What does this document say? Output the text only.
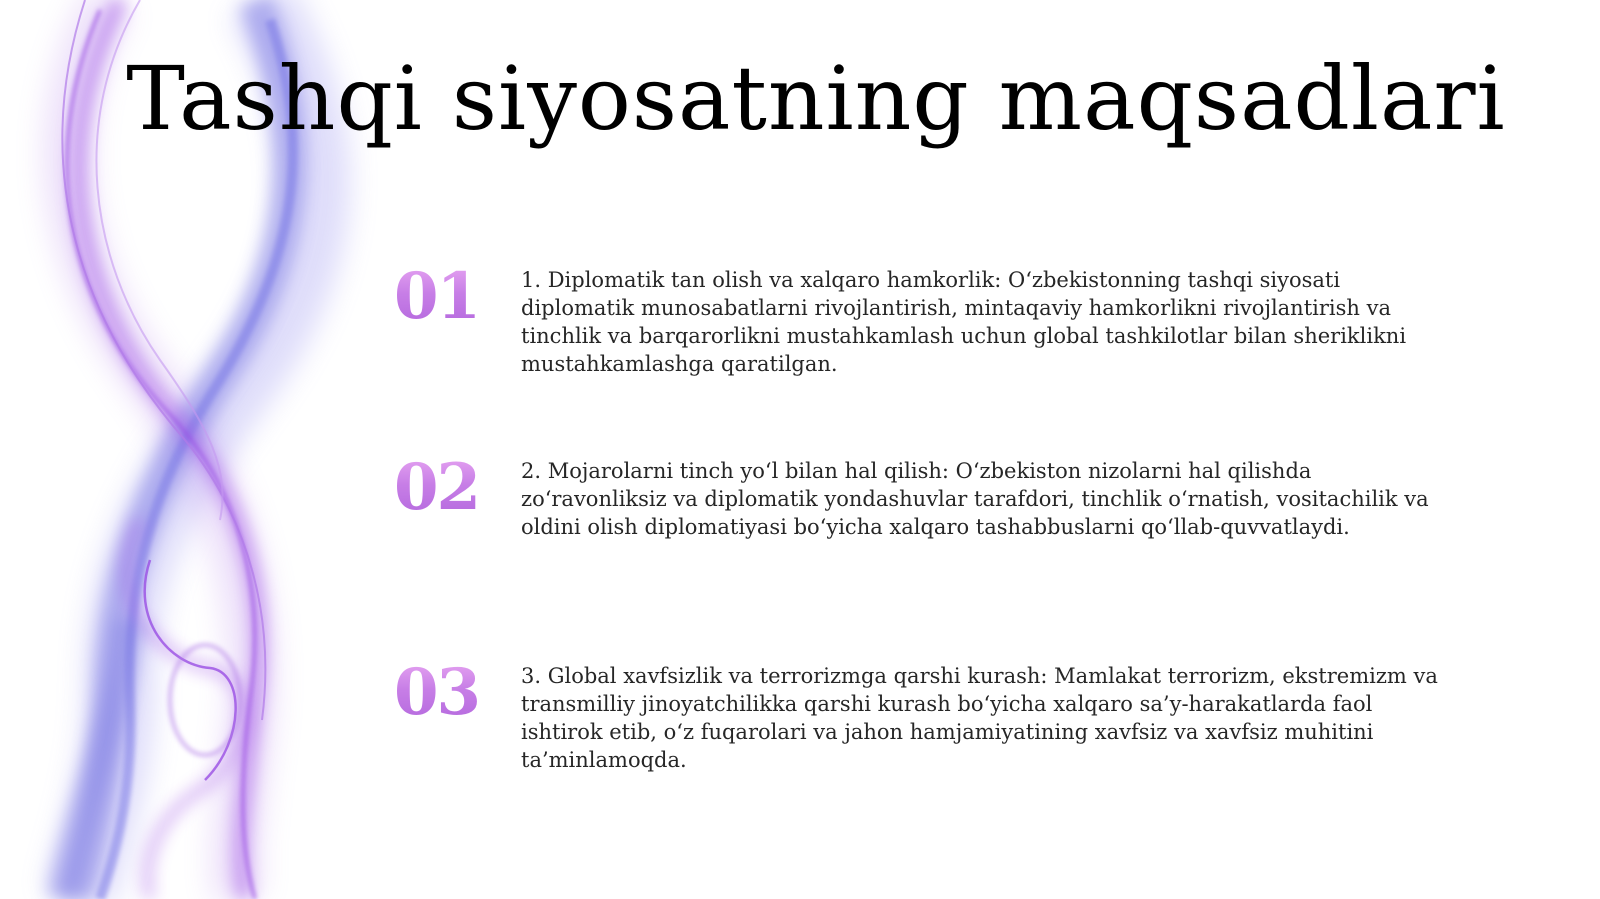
Tashqi siyosatning maqsadlari
01	1. Diplomatik tan olish va xalqaro hamkorlik: O‘zbekistonning tashqi siyosati diplomatik munosabatlarni rivojlantirish, mintaqaviy hamkorlikni rivojlantirish va tinchlik va barqarorlikni mustahkamlash uchun global tashkilotlar bilan sheriklikni mustahkamlashga qaratilgan.

02	2. Mojarolarni tinch yo‘l bilan hal qilish: O‘zbekiston nizolarni hal qilishda zo‘ravonliksiz va diplomatik yondashuvlar tarafdori, tinchlik o‘rnatish, vositachilik va oldini olish diplomatiyasi bo‘yicha xalqaro tashabbuslarni qo‘llab-quvvatlaydi.

03	3. Global xavfsizlik va terrorizmga qarshi kurash: Mamlakat terrorizm, ekstremizm va transmilliy jinoyatchilikka qarshi kurash bo‘yicha xalqaro sa’y-harakatlarda faol ishtirok etib, o‘z fuqarolari va jahon hamjamiyatining xavfsiz va xavfsiz muhitini ta’minlamoqda.
